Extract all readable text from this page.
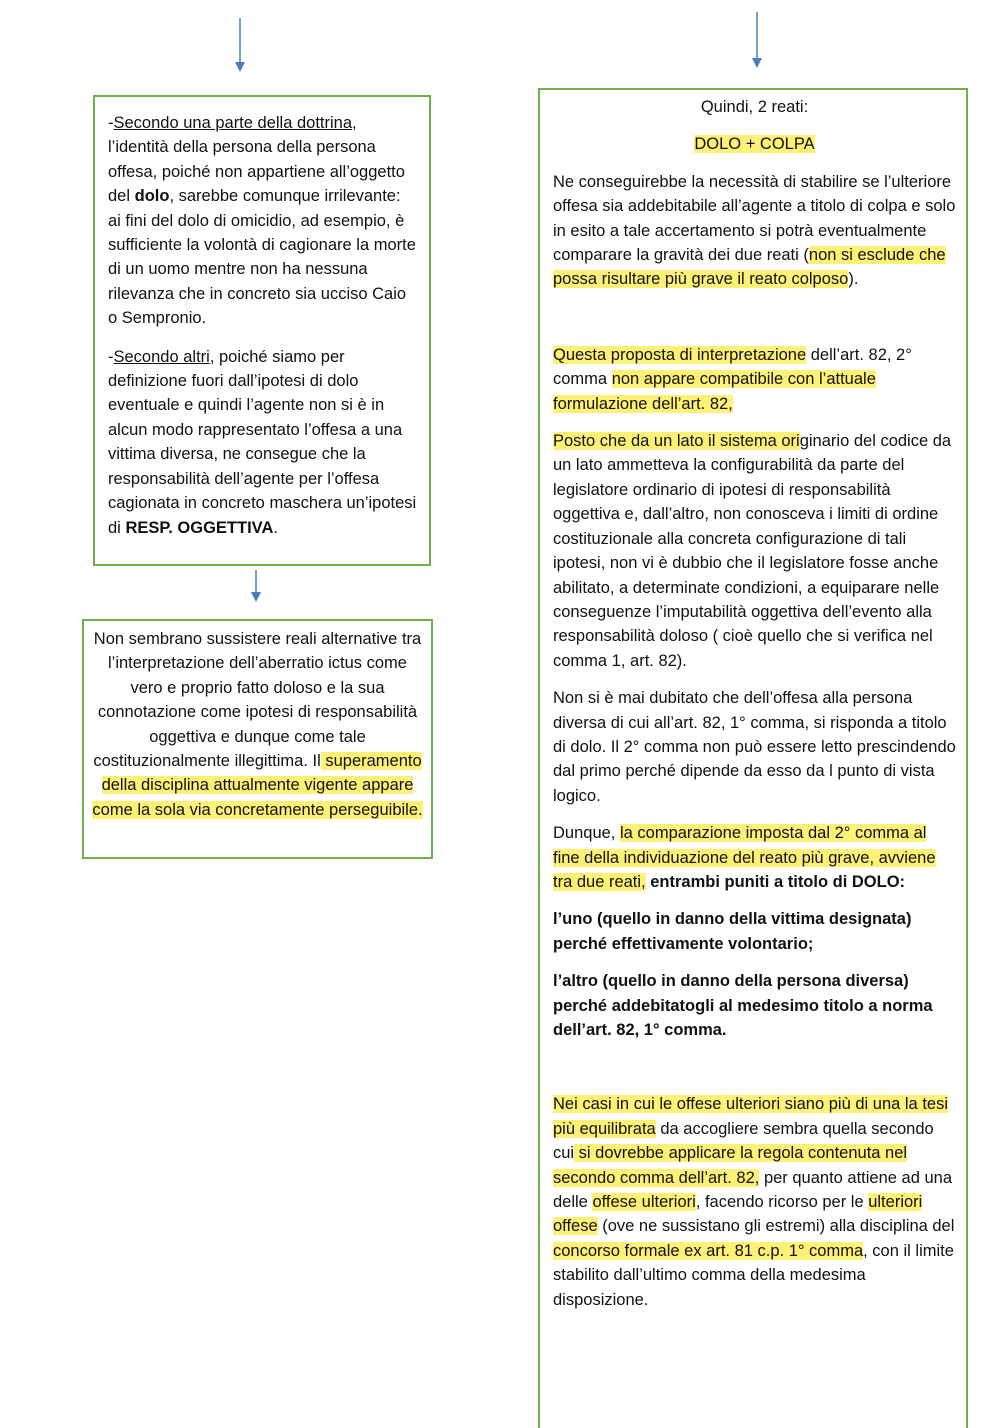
-Secondo una parte della dottrina, l’identità della persona della persona offesa, poiché non appartiene all’oggetto del dolo, sarebbe comunque irrilevante: ai fini del dolo di omicidio, ad esempio, è sufficiente la volontà di cagionare la morte di un uomo mentre non ha nessuna rilevanza che in concreto sia ucciso Caio o Sempronio.

-Secondo altri, poiché siamo per definizione fuori dall’ipotesi di dolo eventuale e quindi l’agente non si è in alcun modo rappresentato l’offesa a una vittima diversa, ne consegue che la responsabilità dell’agente per l’offesa cagionata in concreto maschera un’ipotesi di RESP. OGGETTIVA.

Non sembrano sussistere reali alternative tra l’interpretazione dell’aberratio ictus come vero e proprio fatto doloso e la sua connotazione come ipotesi di responsabilità oggettiva e dunque come tale costituzionalmente illegittima. Il superamento della disciplina attualmente vigente appare come la sola via concretamente perseguibile.

Quindi, 2 reati:

DOLO + COLPA

Ne conseguirebbe la necessità di stabilire se l’ulteriore offesa sia addebitabile all’agente a titolo di colpa e solo in esito a tale accertamento si potrà eventualmente comparare la gravità dei due reati (non si esclude che possa risultare più grave il reato colposo).

Questa proposta di interpretazione dell’art. 82, 2° comma non appare compatibile con l’attuale formulazione dell’art. 82,

Posto che da un lato il sistema originario del codice da un lato ammetteva la configurabilità da parte del legislatore ordinario di ipotesi di responsabilità oggettiva e, dall’altro, non conosceva i limiti di ordine costituzionale alla concreta configurazione di tali ipotesi, non vi è dubbio che il legislatore fosse anche abilitato, a determinate condizioni, a equiparare nelle conseguenze l’imputabilità oggettiva dell’evento alla responsabilità doloso ( cioè quello che si verifica nel comma 1, art. 82).

Non si è mai dubitato che dell’offesa alla persona diversa di cui all’art. 82, 1° comma, si risponda a titolo di dolo. Il 2° comma non può essere letto prescindendo dal primo perché dipende da esso da l punto di vista logico.

Dunque, la comparazione imposta dal 2° comma al fine della individuazione del reato più grave, avviene tra due reati, entrambi puniti a titolo di DOLO:

l’uno (quello in danno della vittima designata) perché effettivamente volontario;

l’altro (quello in danno della persona diversa) perché addebitatogli al medesimo titolo a norma dell’art. 82, 1° comma.

Nei casi in cui le offese ulteriori siano più di una la tesi più equilibrata da accogliere sembra quella secondo cui si dovrebbe applicare la regola contenuta nel secondo comma dell’art. 82, per quanto attiene ad una delle offese ulteriori, facendo ricorso per le ulteriori offese (ove ne sussistano gli estremi) alla disciplina del concorso formale ex art. 81 c.p. 1° comma, con il limite stabilito dall’ultimo comma della medesima disposizione.
